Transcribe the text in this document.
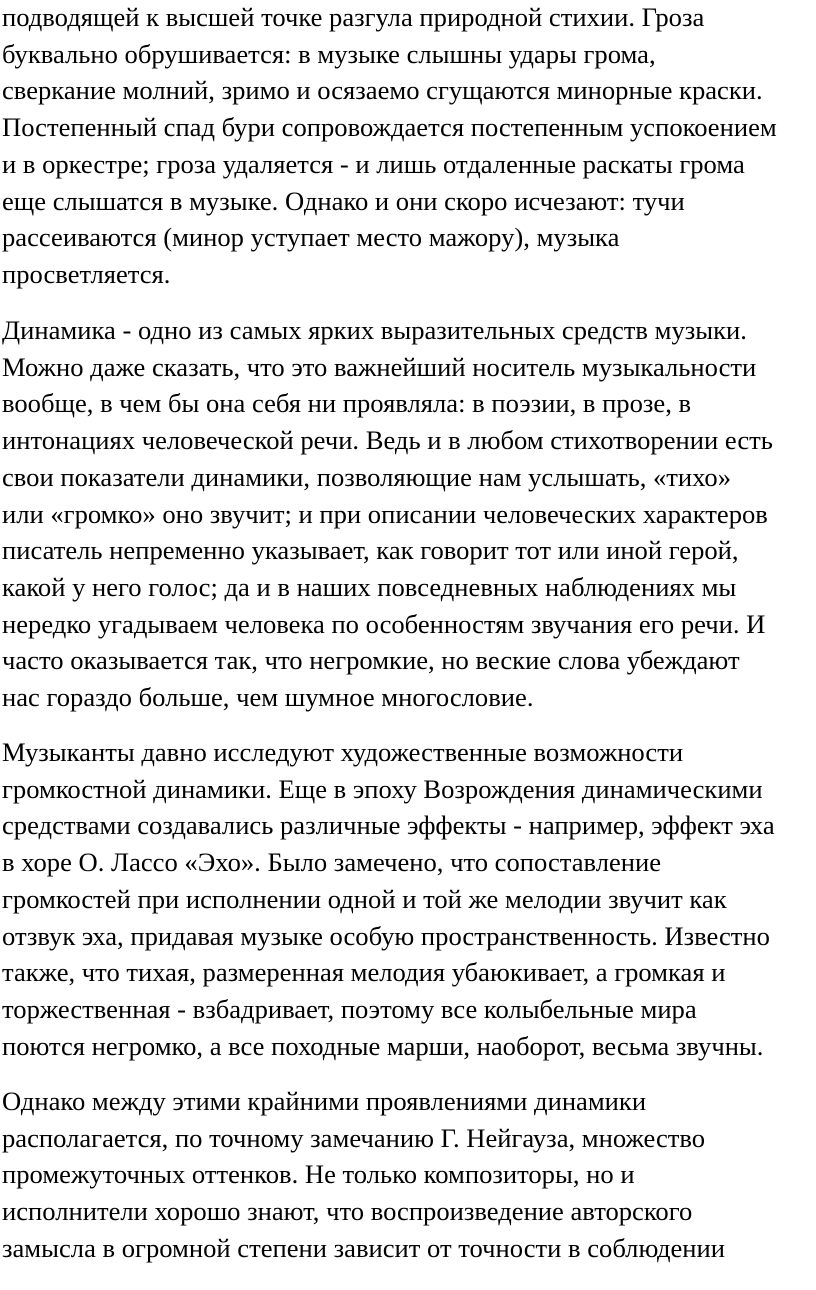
подводящей к высшей точке разгула природной стихии. Гроза
буквально обрушивается: в музыке слышны удары грома,
сверкание молний, зримо и осязаемо сгущаются минорные краски.
Постепенный спад бури сопровождается постепенным успокоением
и в оркестре; гроза удаляется - и лишь отдаленные раскаты грома
еще слышатся в музыке. Однако и они скоро исчезают: тучи
рассеиваются (минор уступает место мажору), музыка
просветляется.
Динамика - одно из самых ярких выразительных средств музыки.
Можно даже сказать, что это важнейший носитель музыкальности
вообще, в чем бы она себя ни проявляла: в поэзии, в прозе, в
интонациях человеческой речи. Ведь и в любом стихотворении есть
свои показатели динамики, позволяющие нам услышать, «тихо»
или «громко» оно звучит; и при описании человеческих характеров
писатель непременно указывает, как говорит тот или иной герой,
какой у него голос; да и в наших повседневных наблюдениях мы
нередко угадываем человека по особенностям звучания его речи. И
часто оказывается так, что негромкие, но веские слова убеждают
нас гораздо больше, чем шумное многословие.
Музыканты давно исследуют художественные возможности
громкостной динамики. Еще в эпоху Возрождения динамическими
средствами создавались различные эффекты - например, эффект эха
в хоре О. Лассо «Эхо». Было замечено, что сопоставление
громкостей при исполнении одной и той же мелодии звучит как
отзвук эха, придавая музыке особую пространственность. Известно
также, что тихая, размеренная мелодия убаюкивает, а громкая и
торжественная - взбадривает, поэтому все колыбельные мира
поются негромко, а все походные марши, наоборот, весьма звучны.
Однако между этими крайними проявлениями динамики
располагается, по точному замечанию Г. Нейгауза, множество
промежуточных оттенков. Не только композиторы, но и
исполнители хорошо знают, что воспроизведение авторского
замысла в огромной степени зависит от точности в соблюдении
